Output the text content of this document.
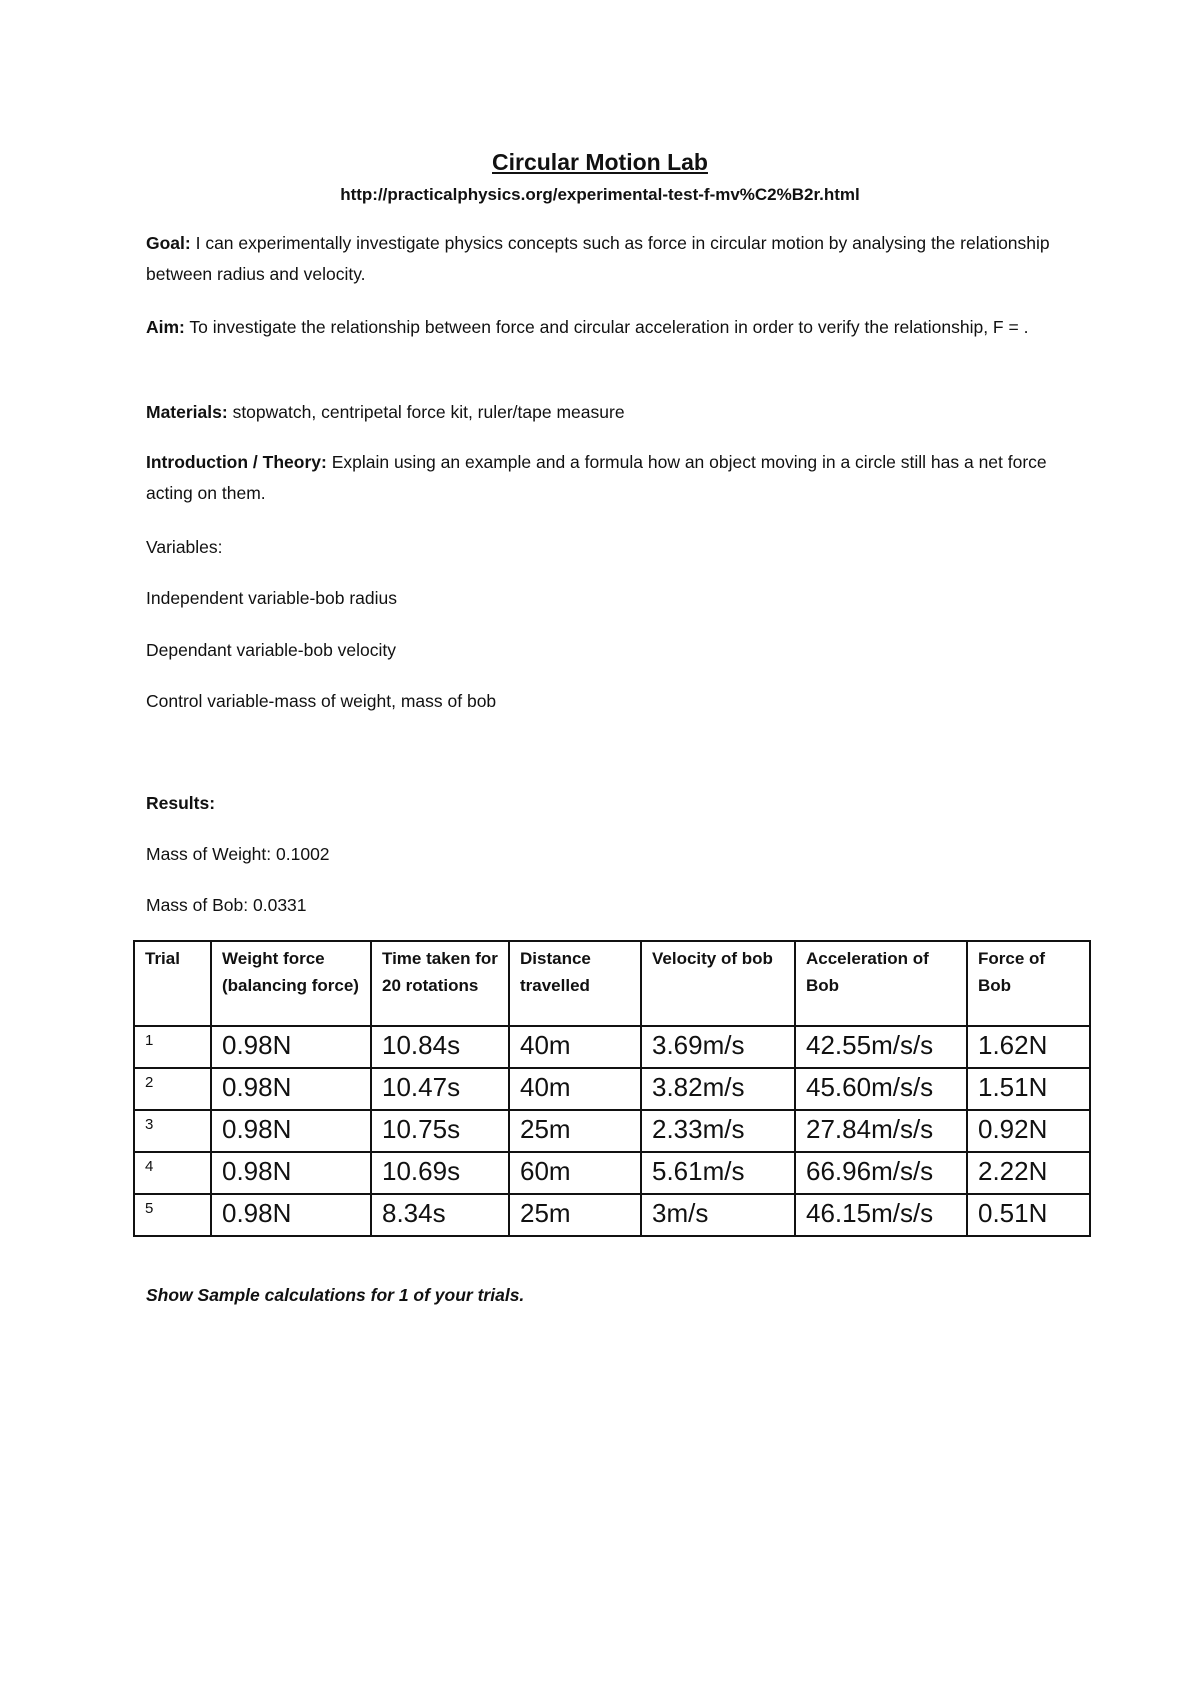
Circular Motion Lab
http://practicalphysics.org/experimental-test-f-mv%C2%B2r.html
Goal: I can experimentally investigate physics concepts such as force in circular motion by analysing the relationship between radius and velocity.
Aim: To investigate the relationship between force and circular acceleration in order to verify the relationship, F = .
Materials: stopwatch, centripetal force kit, ruler/tape measure
Introduction / Theory: Explain using an example and a formula how an object moving in a circle still has a net force acting on them.
Variables:
Independent variable-bob radius
Dependant variable-bob velocity
Control variable-mass of weight, mass of bob
Results:
Mass of Weight: 0.1002
Mass of Bob: 0.0331
Trial	Weight force (balancing force)	Time taken for 20 rotations	Distance travelled	Velocity of bob	Acceleration of Bob	Force of Bob
1	0.98N	10.84s	40m	3.69m/s	42.55m/s/s	1.62N
2	0.98N	10.47s	40m	3.82m/s	45.60m/s/s	1.51N
3	0.98N	10.75s	25m	2.33m/s	27.84m/s/s	0.92N
4	0.98N	10.69s	60m	5.61m/s	66.96m/s/s	2.22N
5	0.98N	8.34s	25m	3m/s	46.15m/s/s	0.51N
Show Sample calculations for 1 of your trials.
